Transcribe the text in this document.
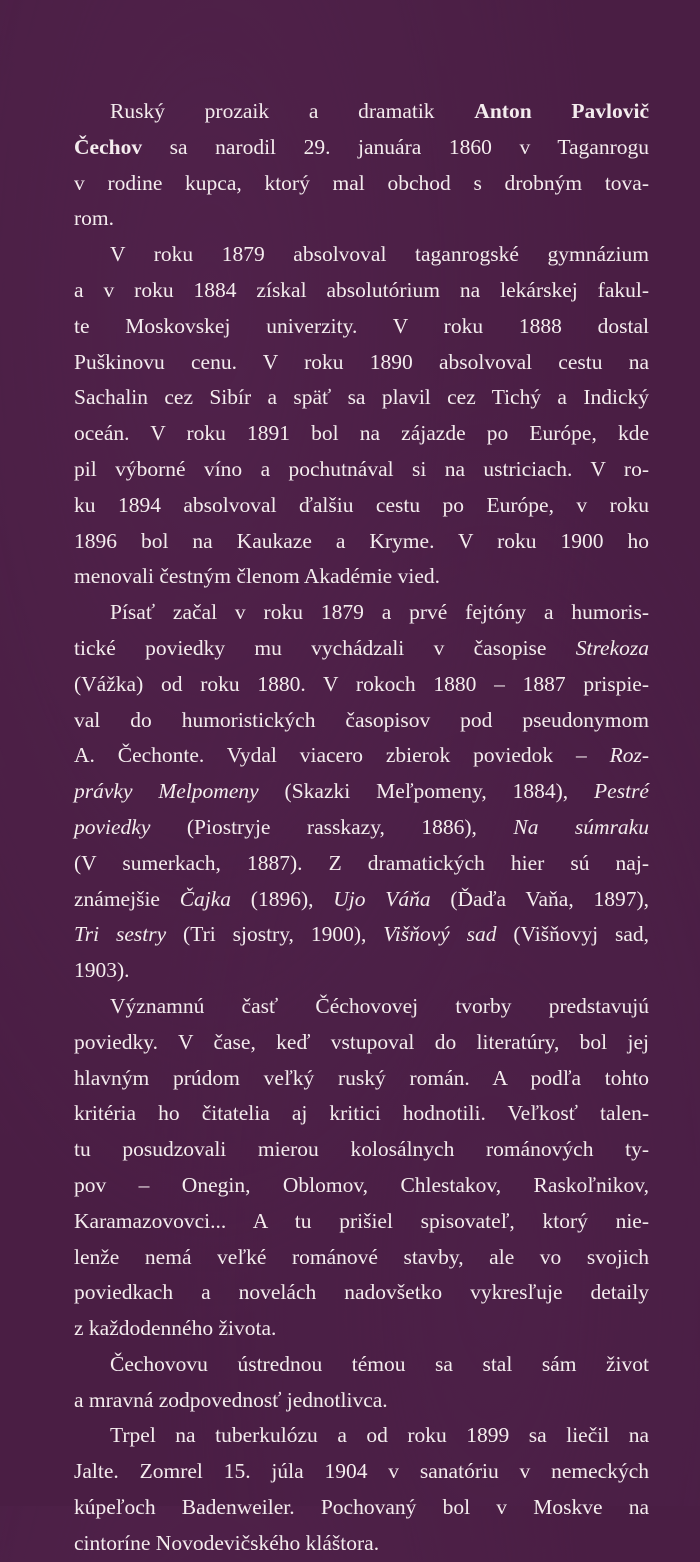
Ruský prozaik a dramatik Anton Pavlovič
Čechov sa narodil 29. januára 1860 v Taganrogu
v rodine kupca, ktorý mal obchod s drobným tova-
rom.

V roku 1879 absolvoval taganrogské gymnázium
a v roku 1884 získal absolutórium na lekárskej fakul-
te Moskovskej univerzity. V roku 1888 dostal
Puškinovu cenu. V roku 1890 absolvoval cestu na
Sachalin cez Sibír a späť sa plavil cez Tichý a Indický
oceán. V roku 1891 bol na zájazde po Európe, kde
pil výborné víno a pochutnával si na ustriciach. V ro-
ku 1894 absolvoval ďalšiu cestu po Európe, v roku
1896 bol na Kaukaze a Kryme. V roku 1900 ho
menovali čestným členom Akadémie vied.

Písať začal v roku 1879 a prvé fejtóny a humoris-
tické poviedky mu vychádzali v časopise Strekoza
(Vážka) od roku 1880. V rokoch 1880 – 1887 prispie-
val do humoristických časopisov pod pseudonymom
A. Čechonte. Vydal viacero zbierok poviedok – Roz-
právky Melpomeny (Skazki Meľpomeny, 1884), Pestré
poviedky (Piostryje rasskazy, 1886), Na súmraku
(V sumerkach, 1887). Z dramatických hier sú naj-
známejšie Čajka (1896), Ujo Váňa (Ďaďa Vaňa, 1897),
Tri sestry (Tri sjostry, 1900), Višňový sad (Višňovyj sad,
1903).

Významnú časť Čéchovovej tvorby predstavujú
poviedky. V čase, keď vstupoval do literatúry, bol jej
hlavným prúdom veľký ruský román. A podľa tohto
kritéria ho čitatelia aj kritici hodnotili. Veľkosť talen-
tu posudzovali mierou kolosálnych románových ty-
pov – Onegin, Oblomov, Chlestakov, Raskoľnikov,
Karamazovovci... A tu prišiel spisovateľ, ktorý nie-
lenže nemá veľké románové stavby, ale vo svojich
poviedkach a novelách nadovšetko vykresľuje detaily
z každodenného života.

Čechovovu ústrednou témou sa stal sám život
a mravná zodpovednosť jednotlivca.

Trpel na tuberkulózu a od roku 1899 sa liečil na
Jalte. Zomrel 15. júla 1904 v sanatóriu v nemeckých
kúpeľoch Badenweiler. Pochovaný bol v Moskve na
cintoríne Novodevičského kláštora.
